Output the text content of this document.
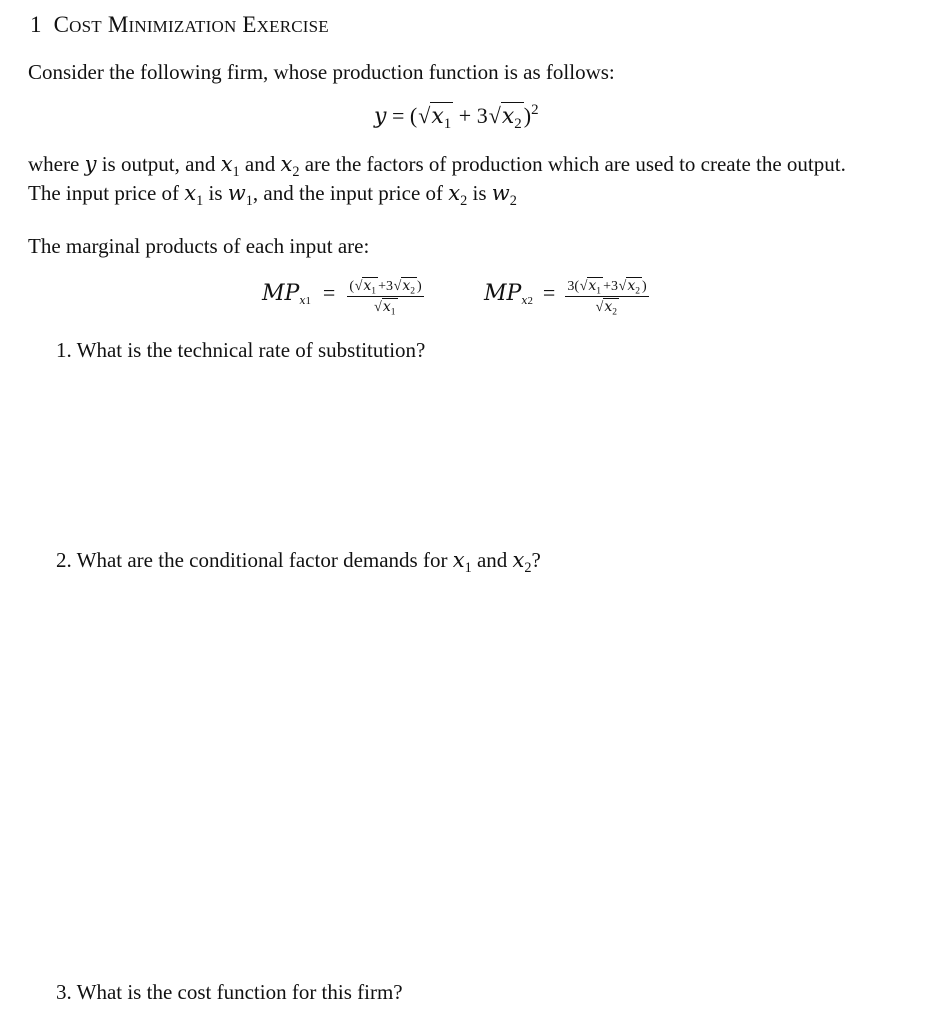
1 COST MINIMIZATION EXERCISE
Consider the following firm, whose production function is as follows:
$y = (√x_1 + 3√x_2)^2$
where y is output, and $x_1$ and $x_2$ are the factors of production which are used to create the output.
The input price of $x_1$ is $w_1$, and the input price of $x_2$ is $w_2$
The marginal products of each input are:
$MP_{x1} = \frac{(√x_1 +3√x_2 )}{√x_1}$	$MP_{x2} = \frac{3(√x_1 +3√x_2 )}{√x_2}$
1. What is the technical rate of substitution?
2. What are the conditional factor demands for $x_1$ and $x_2$?
3. What is the cost function for this firm?
